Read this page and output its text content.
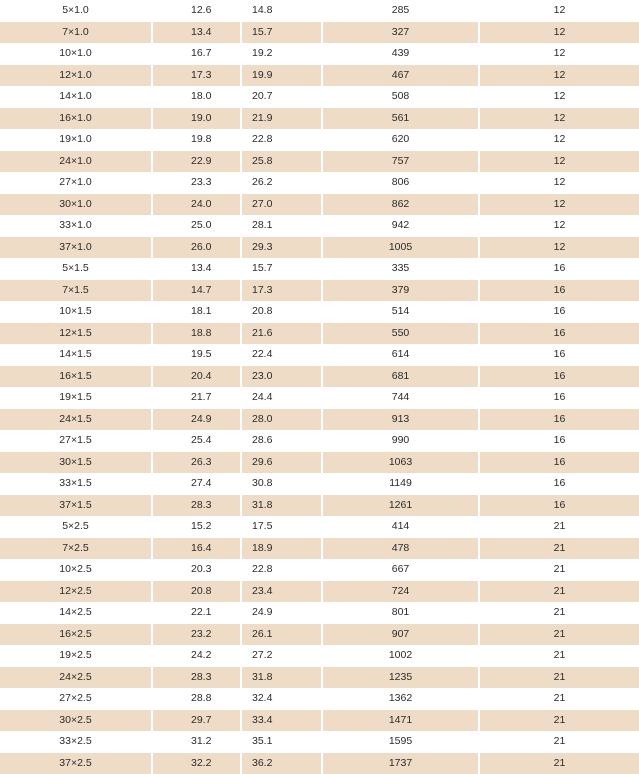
5×1.0	12.6	14.8	285	12
7×1.0	13.4	15.7	327	12
10×1.0	16.7	19.2	439	12
12×1.0	17.3	19.9	467	12
14×1.0	18.0	20.7	508	12
16×1.0	19.0	21.9	561	12
19×1.0	19.8	22.8	620	12
24×1.0	22.9	25.8	757	12
27×1.0	23.3	26.2	806	12
30×1.0	24.0	27.0	862	12
33×1.0	25.0	28.1	942	12
37×1.0	26.0	29.3	1005	12
5×1.5	13.4	15.7	335	16
7×1.5	14.7	17.3	379	16
10×1.5	18.1	20.8	514	16
12×1.5	18.8	21.6	550	16
14×1.5	19.5	22.4	614	16
16×1.5	20.4	23.0	681	16
19×1.5	21.7	24.4	744	16
24×1.5	24.9	28.0	913	16
27×1.5	25.4	28.6	990	16
30×1.5	26.3	29.6	1063	16
33×1.5	27.4	30.8	1149	16
37×1.5	28.3	31.8	1261	16
5×2.5	15.2	17.5	414	21
7×2.5	16.4	18.9	478	21
10×2.5	20.3	22.8	667	21
12×2.5	20.8	23.4	724	21
14×2.5	22.1	24.9	801	21
16×2.5	23.2	26.1	907	21
19×2.5	24.2	27.2	1002	21
24×2.5	28.3	31.8	1235	21
27×2.5	28.8	32.4	1362	21
30×2.5	29.7	33.4	1471	21
33×2.5	31.2	35.1	1595	21
37×2.5	32.2	36.2	1737	21
